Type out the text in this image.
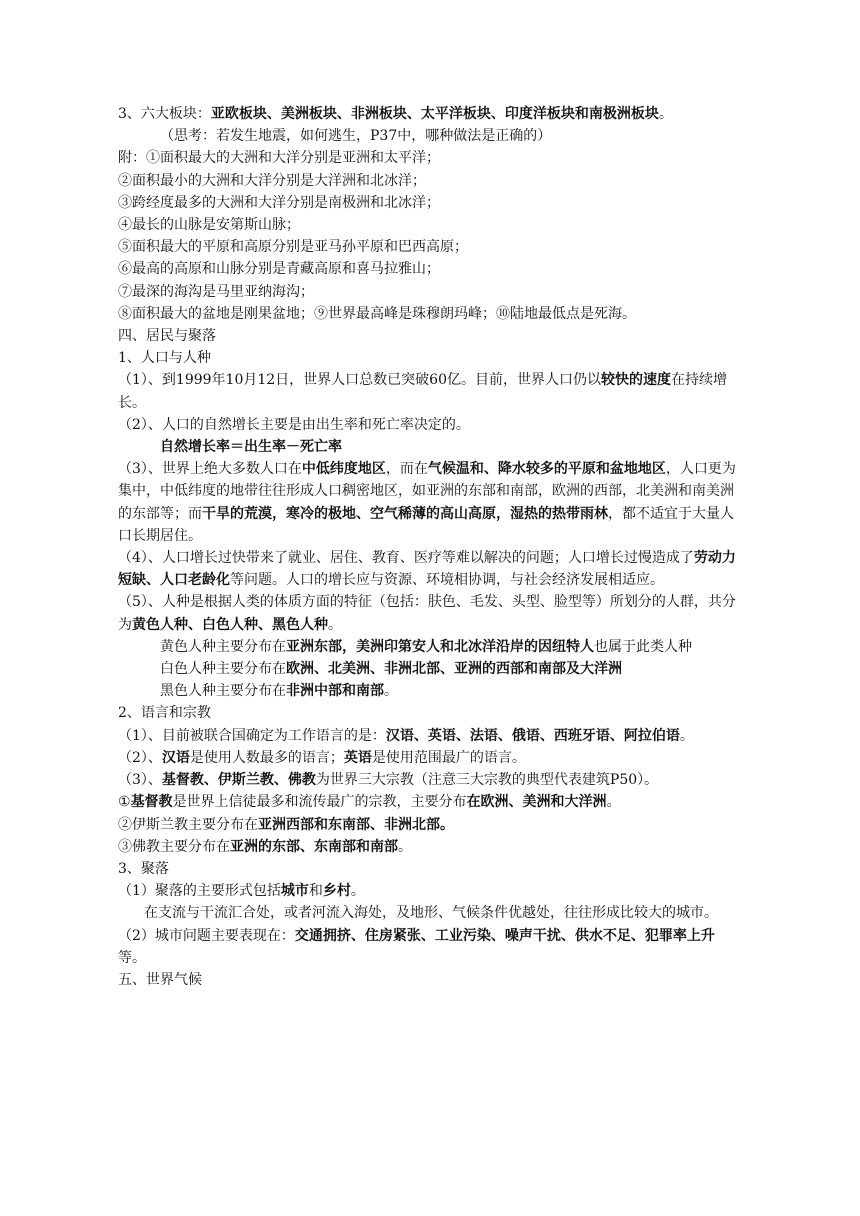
3、六大板块：亚欧板块、美洲板块、非洲板块、太平洋板块、印度洋板块和南极洲板块。

（思考：若发生地震，如何逃生，P37中，哪种做法是正确的）

附：①面积最大的大洲和大洋分别是亚洲和太平洋；

②面积最小的大洲和大洋分别是大洋洲和北冰洋；

③跨经度最多的大洲和大洋分别是南极洲和北冰洋；

④最长的山脉是安第斯山脉；

⑤面积最大的平原和高原分别是亚马孙平原和巴西高原；

⑥最高的高原和山脉分别是青藏高原和喜马拉雅山；

⑦最深的海沟是马里亚纳海沟；

⑧面积最大的盆地是刚果盆地；⑨世界最高峰是珠穆朗玛峰；⑩陆地最低点是死海。

四、居民与聚落

1、人口与人种

（1）、到1999年10月12日，世界人口总数已突破60亿。目前，世界人口仍以较快的速度在持续增长。

（2）、人口的自然增长主要是由出生率和死亡率决定的。

自然增长率＝出生率－死亡率

（3）、世界上绝大多数人口在中低纬度地区，而在气候温和、降水较多的平原和盆地地区，人口更为集中，中低纬度的地带往往形成人口稠密地区，如亚洲的东部和南部，欧洲的西部，北美洲和南美洲的东部等；而干旱的荒漠，寒冷的极地、空气稀薄的高山高原，湿热的热带雨林，都不适宜于大量人口长期居住。

（4）、人口增长过快带来了就业、居住、教育、医疗等难以解决的问题；人口增长过慢造成了劳动力短缺、人口老龄化等问题。人口的增长应与资源、环境相协调，与社会经济发展相适应。

（5）、人种是根据人类的体质方面的特征（包括：肤色、毛发、头型、脸型等）所划分的人群，共分为黄色人种、白色人种、黑色人种。

黄色人种主要分布在亚洲东部，美洲印第安人和北冰洋沿岸的因纽特人也属于此类人种

白色人种主要分布在欧洲、北美洲、非洲北部、亚洲的西部和南部及大洋洲

黑色人种主要分布在非洲中部和南部。

2、语言和宗教

（1）、目前被联合国确定为工作语言的是：汉语、英语、法语、俄语、西班牙语、阿拉伯语。

（2）、汉语是使用人数最多的语言；英语是使用范围最广的语言。

（3）、基督教、伊斯兰教、佛教为世界三大宗教（注意三大宗教的典型代表建筑P50）。

①基督教是世界上信徒最多和流传最广的宗教，主要分布在欧洲、美洲和大洋洲。

②伊斯兰教主要分布在亚洲西部和东南部、非洲北部。

③佛教主要分布在亚洲的东部、东南部和南部。

3、聚落

（1）聚落的主要形式包括城市和乡村。

在支流与干流汇合处，或者河流入海处，及地形、气候条件优越处，往往形成比较大的城市。

（2）城市问题主要表现在：交通拥挤、住房紧张、工业污染、噪声干扰、供水不足、犯罪率上升等。

五、世界气候
